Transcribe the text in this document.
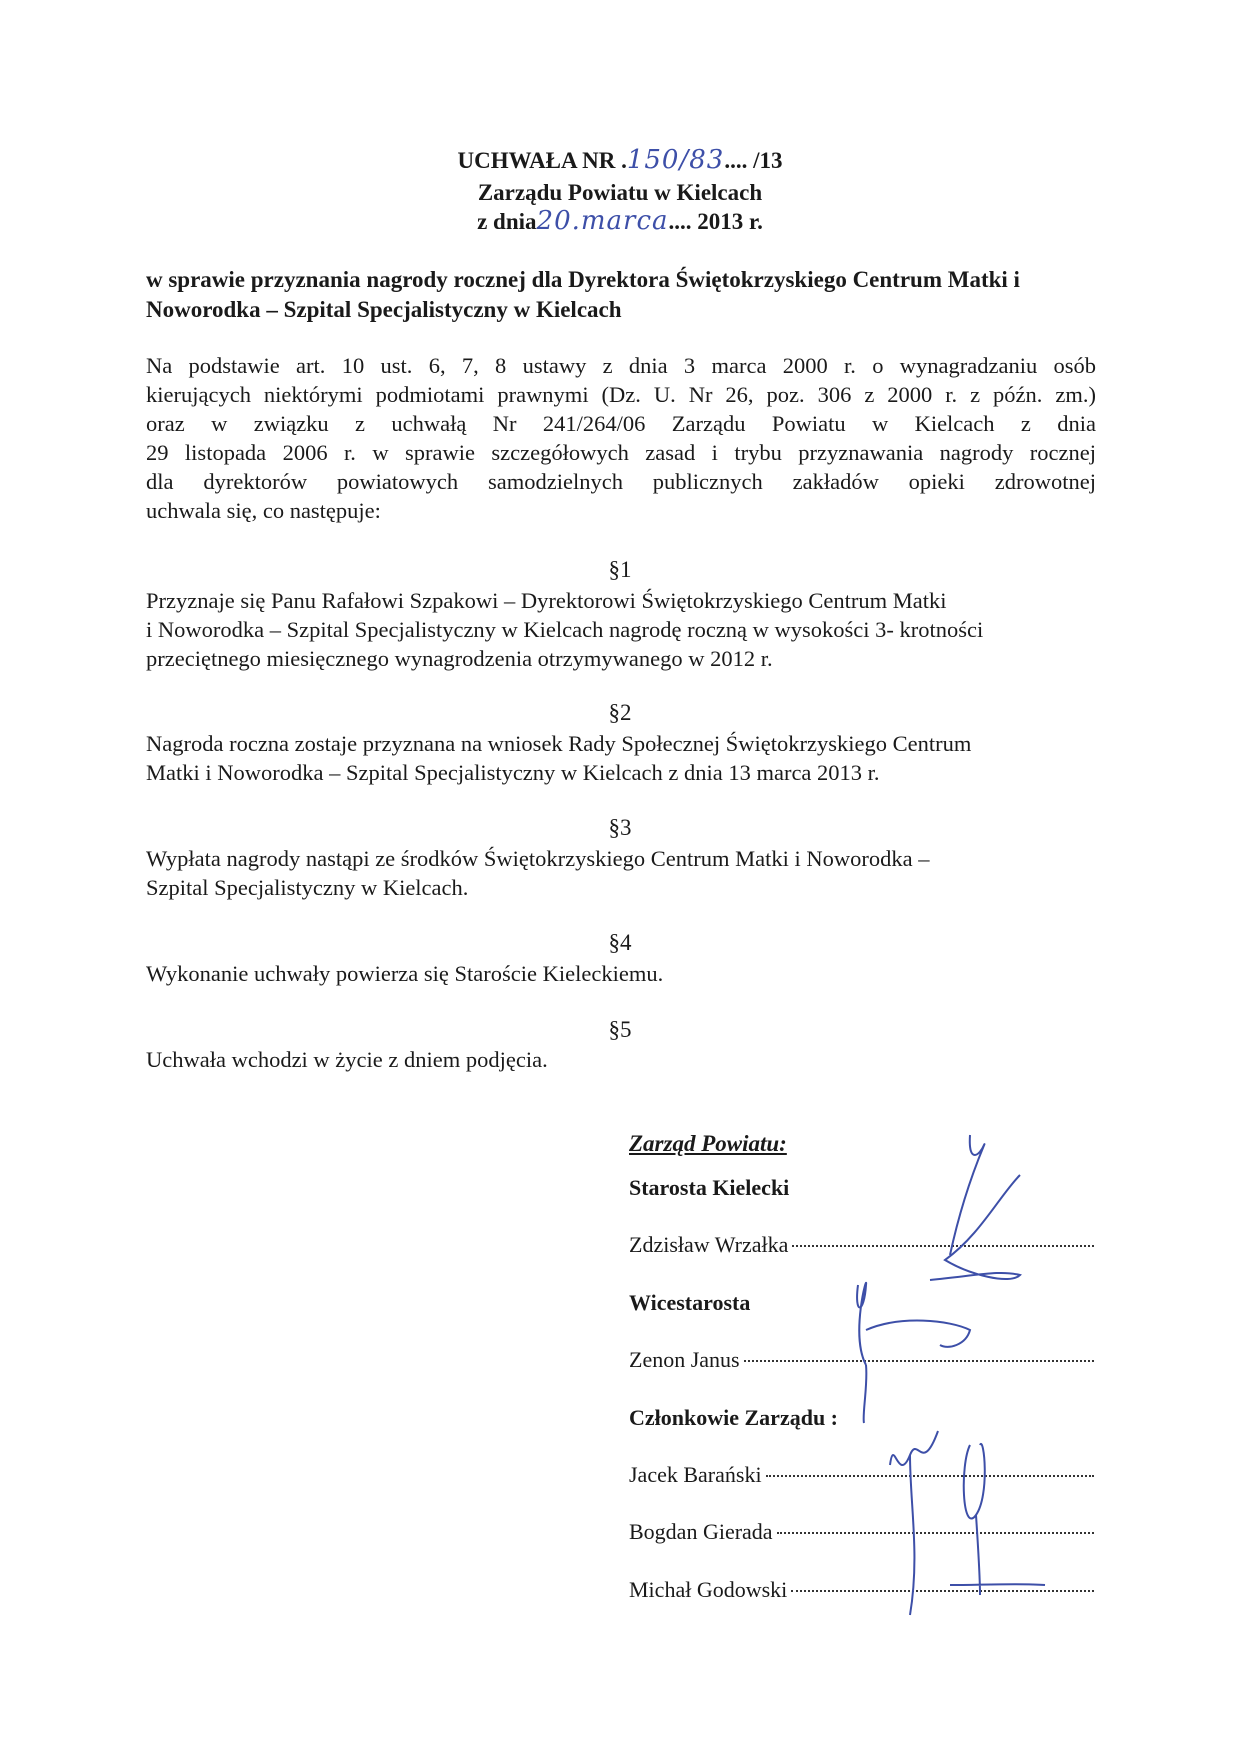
UCHWAŁA NR .150/83.... /13
Zarządu Powiatu w Kielcach
z dnia20.marca.... 2013 r.
w sprawie przyznania nagrody rocznej dla Dyrektora Świętokrzyskiego Centrum Matki i Noworodka – Szpital Specjalistyczny w Kielcach
Na podstawie art. 10 ust. 6, 7, 8 ustawy z dnia 3 marca 2000 r. o wynagradzaniu osób
kierujących niektórymi podmiotami prawnymi (Dz. U. Nr 26, poz. 306 z 2000 r. z późn. zm.)
oraz w związku z uchwałą Nr 241/264/06 Zarządu Powiatu w Kielcach z dnia
29 listopada 2006 r. w sprawie szczegółowych zasad i trybu przyznawania nagrody rocznej
dla dyrektorów powiatowych samodzielnych publicznych zakładów opieki zdrowotnej
uchwala się, co następuje:
§1
Przyznaje się Panu Rafałowi Szpakowi – Dyrektorowi Świętokrzyskiego Centrum Matki
i Noworodka – Szpital Specjalistyczny w Kielcach nagrodę roczną w wysokości 3- krotności
przeciętnego miesięcznego wynagrodzenia otrzymywanego w 2012 r.
§2
Nagroda roczna zostaje przyznana na wniosek Rady Społecznej Świętokrzyskiego Centrum
Matki i Noworodka – Szpital Specjalistyczny w Kielcach z dnia 13 marca 2013 r.
§3
Wypłata nagrody nastąpi ze środków Świętokrzyskiego Centrum Matki i Noworodka –
Szpital Specjalistyczny w Kielcach.
§4
Wykonanie uchwały powierza się Staroście Kieleckiemu.
§5
Uchwała wchodzi w życie z dniem podjęcia.
Zarząd Powiatu:
Starosta Kielecki
Zdzisław Wrzałka
Wicestarosta
Zenon Janus
Członkowie Zarządu :
Jacek Barański
Bogdan Gierada
Michał Godowski
